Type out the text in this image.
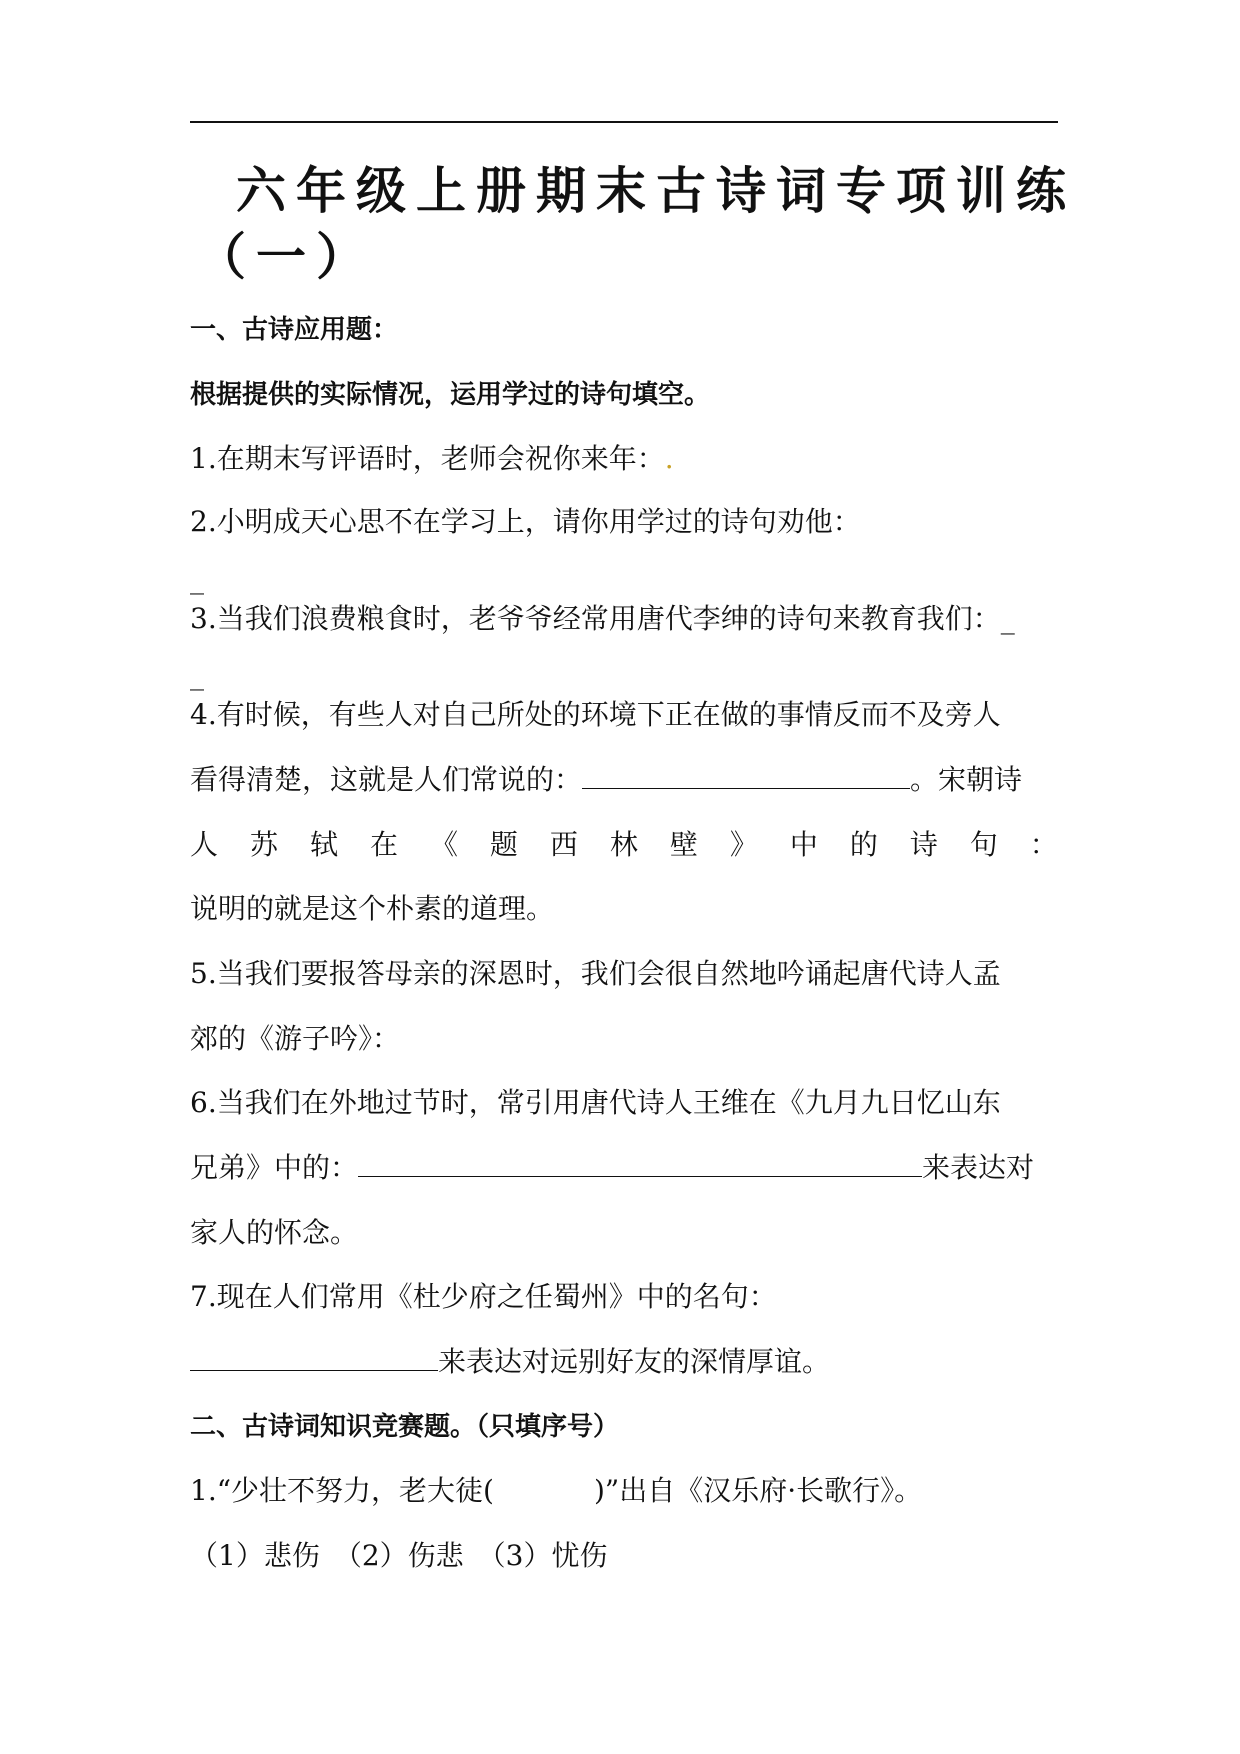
六年级上册期末古诗词专项训练
（一）
一、古诗应用题：
根据提供的实际情况，运用学过的诗句填空。
1.在期末写评语时，老师会祝你来年：.
2.小明成天心思不在学习上，请你用学过的诗句劝他：
_
3.当我们浪费粮食时，老爷爷经常用唐代李绅的诗句来教育我们：_
_
4.有时候，有些人对自己所处的环境下正在做的事情反而不及旁人
看得清楚，这就是人们常说的：	。宋朝诗
人 苏 轼 在 《 题 西 林 壁 》 中 的 诗 句 ：
说明的就是这个朴素的道理。
5.当我们要报答母亲的深恩时，我们会很自然地吟诵起唐代诗人孟
郊的《游子吟》：
6.当我们在外地过节时，常引用唐代诗人王维在《九月九日忆山东
兄弟》中的：	来表达对
家人的怀念。
7.现在人们常用《杜少府之任蜀州》中的名句：
来表达对远别好友的深情厚谊。
二、古诗词知识竞赛题。（只填序号）
1.“少壮不努力，老大徒(	)”出自《汉乐府·长歌行》。
（1）悲伤　（2）伤悲　（3）忧伤
